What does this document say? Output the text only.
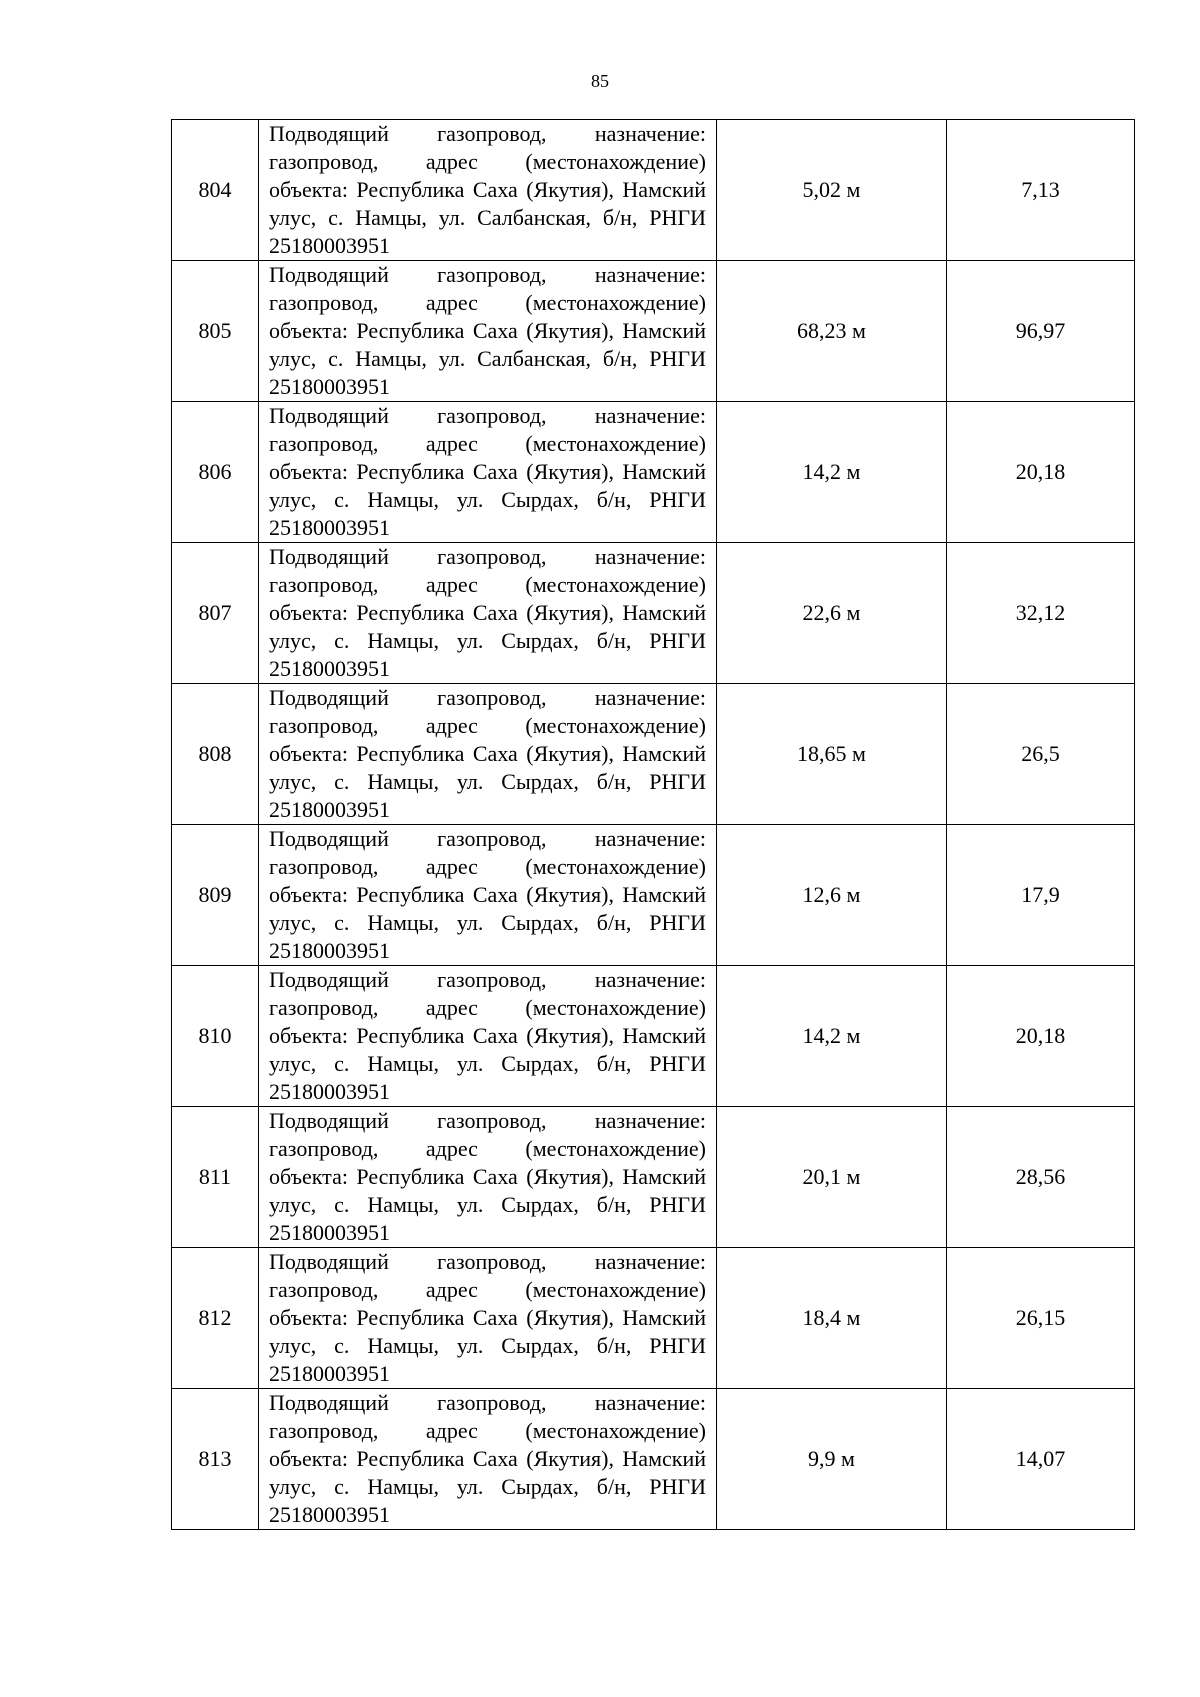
85
804	Подводящий газопровод, назначение: газопровод, адрес (местонахождение) объекта: Республика Саха (Якутия), Намский улус, с. Намцы, ул. Салбанская, б/н, РНГИ 25180003951	5,02 м	7,13
805	Подводящий газопровод, назначение: газопровод, адрес (местонахождение) объекта: Республика Саха (Якутия), Намский улус, с. Намцы, ул. Салбанская, б/н, РНГИ 25180003951	68,23 м	96,97
806	Подводящий газопровод, назначение: газопровод, адрес (местонахождение) объекта: Республика Саха (Якутия), Намский улус, с. Намцы, ул. Сырдах, б/н, РНГИ 25180003951	14,2 м	20,18
807	Подводящий газопровод, назначение: газопровод, адрес (местонахождение) объекта: Республика Саха (Якутия), Намский улус, с. Намцы, ул. Сырдах, б/н, РНГИ 25180003951	22,6 м	32,12
808	Подводящий газопровод, назначение: газопровод, адрес (местонахождение) объекта: Республика Саха (Якутия), Намский улус, с. Намцы, ул. Сырдах, б/н, РНГИ 25180003951	18,65 м	26,5
809	Подводящий газопровод, назначение: газопровод, адрес (местонахождение) объекта: Республика Саха (Якутия), Намский улус, с. Намцы, ул. Сырдах, б/н, РНГИ 25180003951	12,6 м	17,9
810	Подводящий газопровод, назначение: газопровод, адрес (местонахождение) объекта: Республика Саха (Якутия), Намский улус, с. Намцы, ул. Сырдах, б/н, РНГИ 25180003951	14,2 м	20,18
811	Подводящий газопровод, назначение: газопровод, адрес (местонахождение) объекта: Республика Саха (Якутия), Намский улус, с. Намцы, ул. Сырдах, б/н, РНГИ 25180003951	20,1 м	28,56
812	Подводящий газопровод, назначение: газопровод, адрес (местонахождение) объекта: Республика Саха (Якутия), Намский улус, с. Намцы, ул. Сырдах, б/н, РНГИ 25180003951	18,4 м	26,15
813	Подводящий газопровод, назначение: газопровод, адрес (местонахождение) объекта: Республика Саха (Якутия), Намский улус, с. Намцы, ул. Сырдах, б/н, РНГИ 25180003951	9,9 м	14,07
